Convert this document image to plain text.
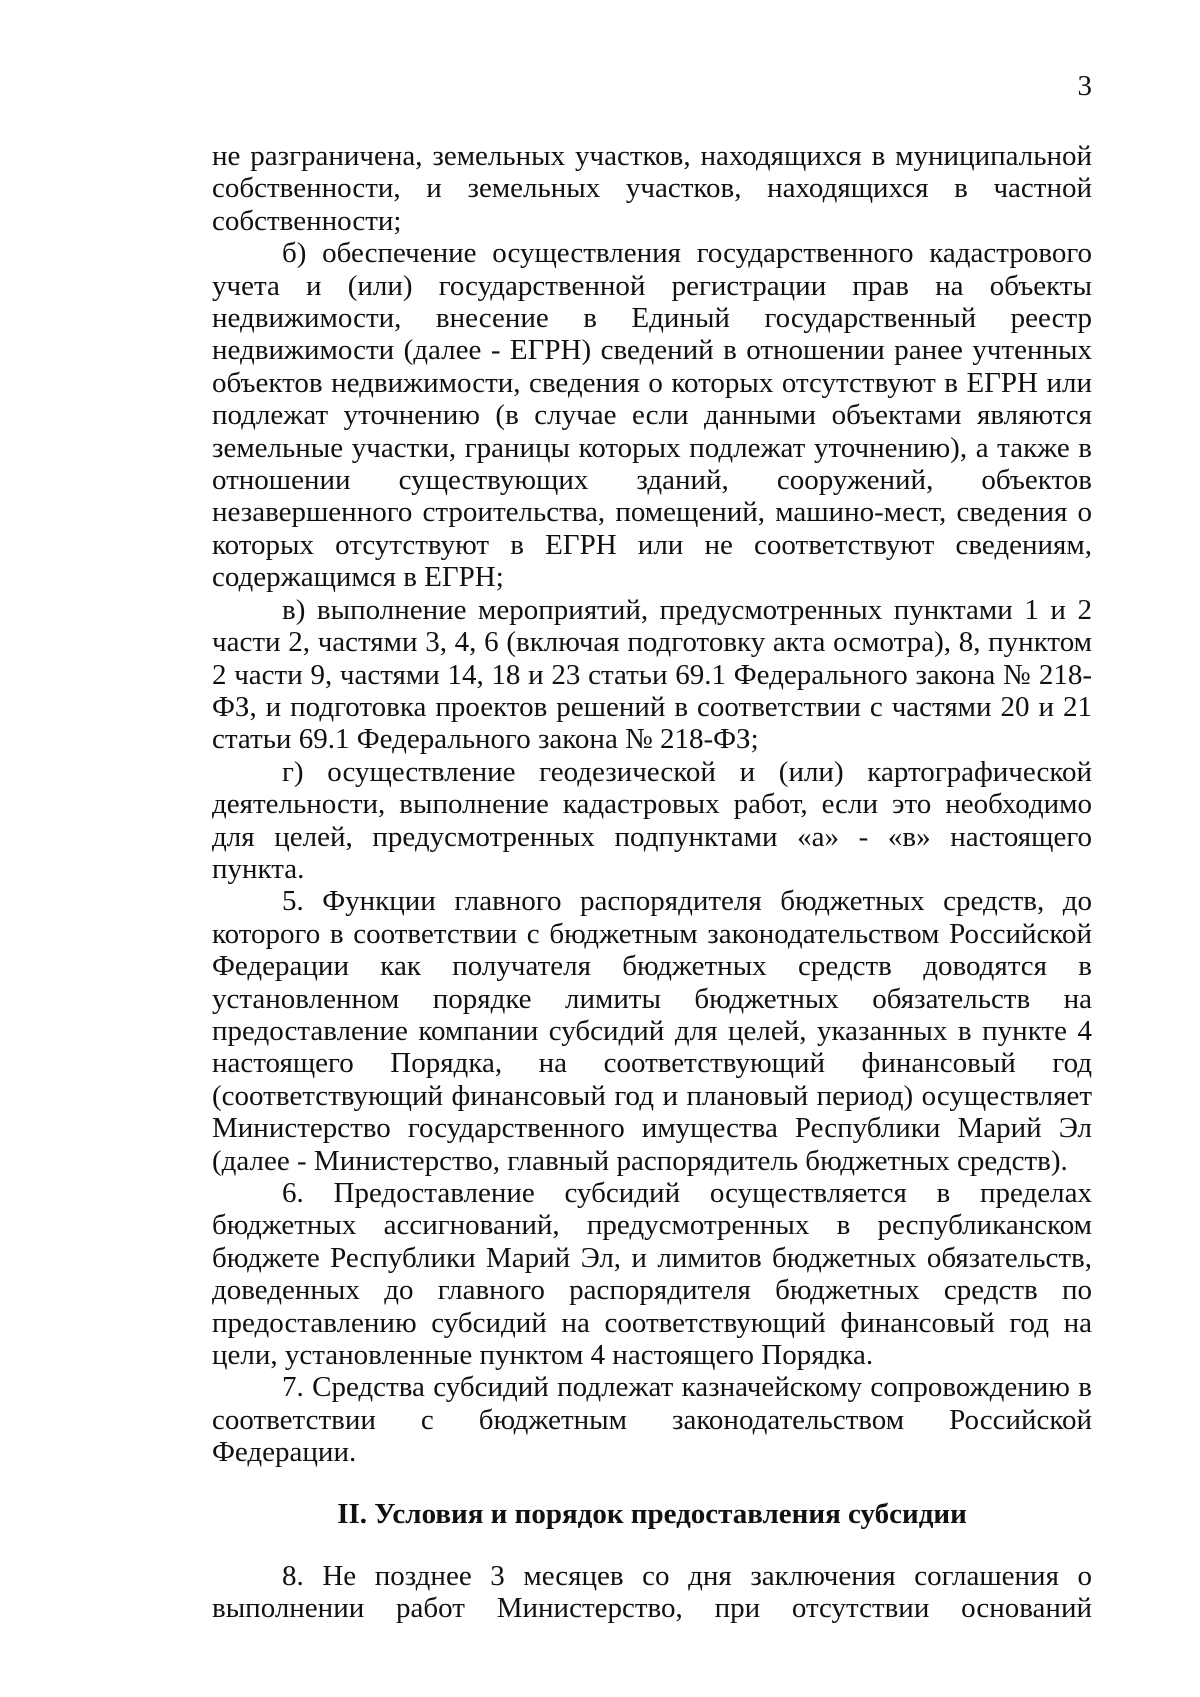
3

не разграничена, земельных участков, находящихся в муниципальной собственности, и земельных участков, находящихся в частной собственности;

б) обеспечение осуществления государственного кадастрового учета и (или) государственной регистрации прав на объекты недвижимости, внесение в Единый государственный реестр недвижимости (далее - ЕГРН) сведений в отношении ранее учтенных объектов недвижимости, сведения о которых отсутствуют в ЕГРН или подлежат уточнению (в случае если данными объектами являются земельные участки, границы которых подлежат уточнению), а также в отношении существующих зданий, сооружений, объектов незавершенного строительства, помещений, машино-мест, сведения о которых отсутствуют в ЕГРН или не соответствуют сведениям, содержащимся в ЕГРН;

в) выполнение мероприятий, предусмотренных пунктами 1 и 2 части 2, частями 3, 4, 6 (включая подготовку акта осмотра), 8, пунктом 2 части 9, частями 14, 18 и 23 статьи 69.1 Федерального закона № 218-ФЗ, и подготовка проектов решений в соответствии с частями 20 и 21 статьи 69.1 Федерального закона № 218-ФЗ;

г) осуществление геодезической и (или) картографической деятельности, выполнение кадастровых работ, если это необходимо для целей, предусмотренных подпунктами «а» - «в» настоящего пункта.

5. Функции главного распорядителя бюджетных средств, до которого в соответствии с бюджетным законодательством Российской Федерации как получателя бюджетных средств доводятся в установленном порядке лимиты бюджетных обязательств на предоставление компании субсидий для целей, указанных в пункте 4 настоящего Порядка, на соответствующий финансовый год (соответствующий финансовый год и плановый период) осуществляет Министерство государственного имущества Республики Марий Эл (далее - Министерство, главный распорядитель бюджетных средств).

6. Предоставление субсидий осуществляется в пределах бюджетных ассигнований, предусмотренных в республиканском бюджете Республики Марий Эл, и лимитов бюджетных обязательств, доведенных до главного распорядителя бюджетных средств по предоставлению субсидий на соответствующий финансовый год на цели, установленные пунктом 4 настоящего Порядка.

7. Средства субсидий подлежат казначейскому сопровождению в соответствии с бюджетным законодательством Российской Федерации.

II. Условия и порядок предоставления субсидии

8. Не позднее 3 месяцев со дня заключения соглашения о выполнении работ Министерство, при отсутствии оснований
